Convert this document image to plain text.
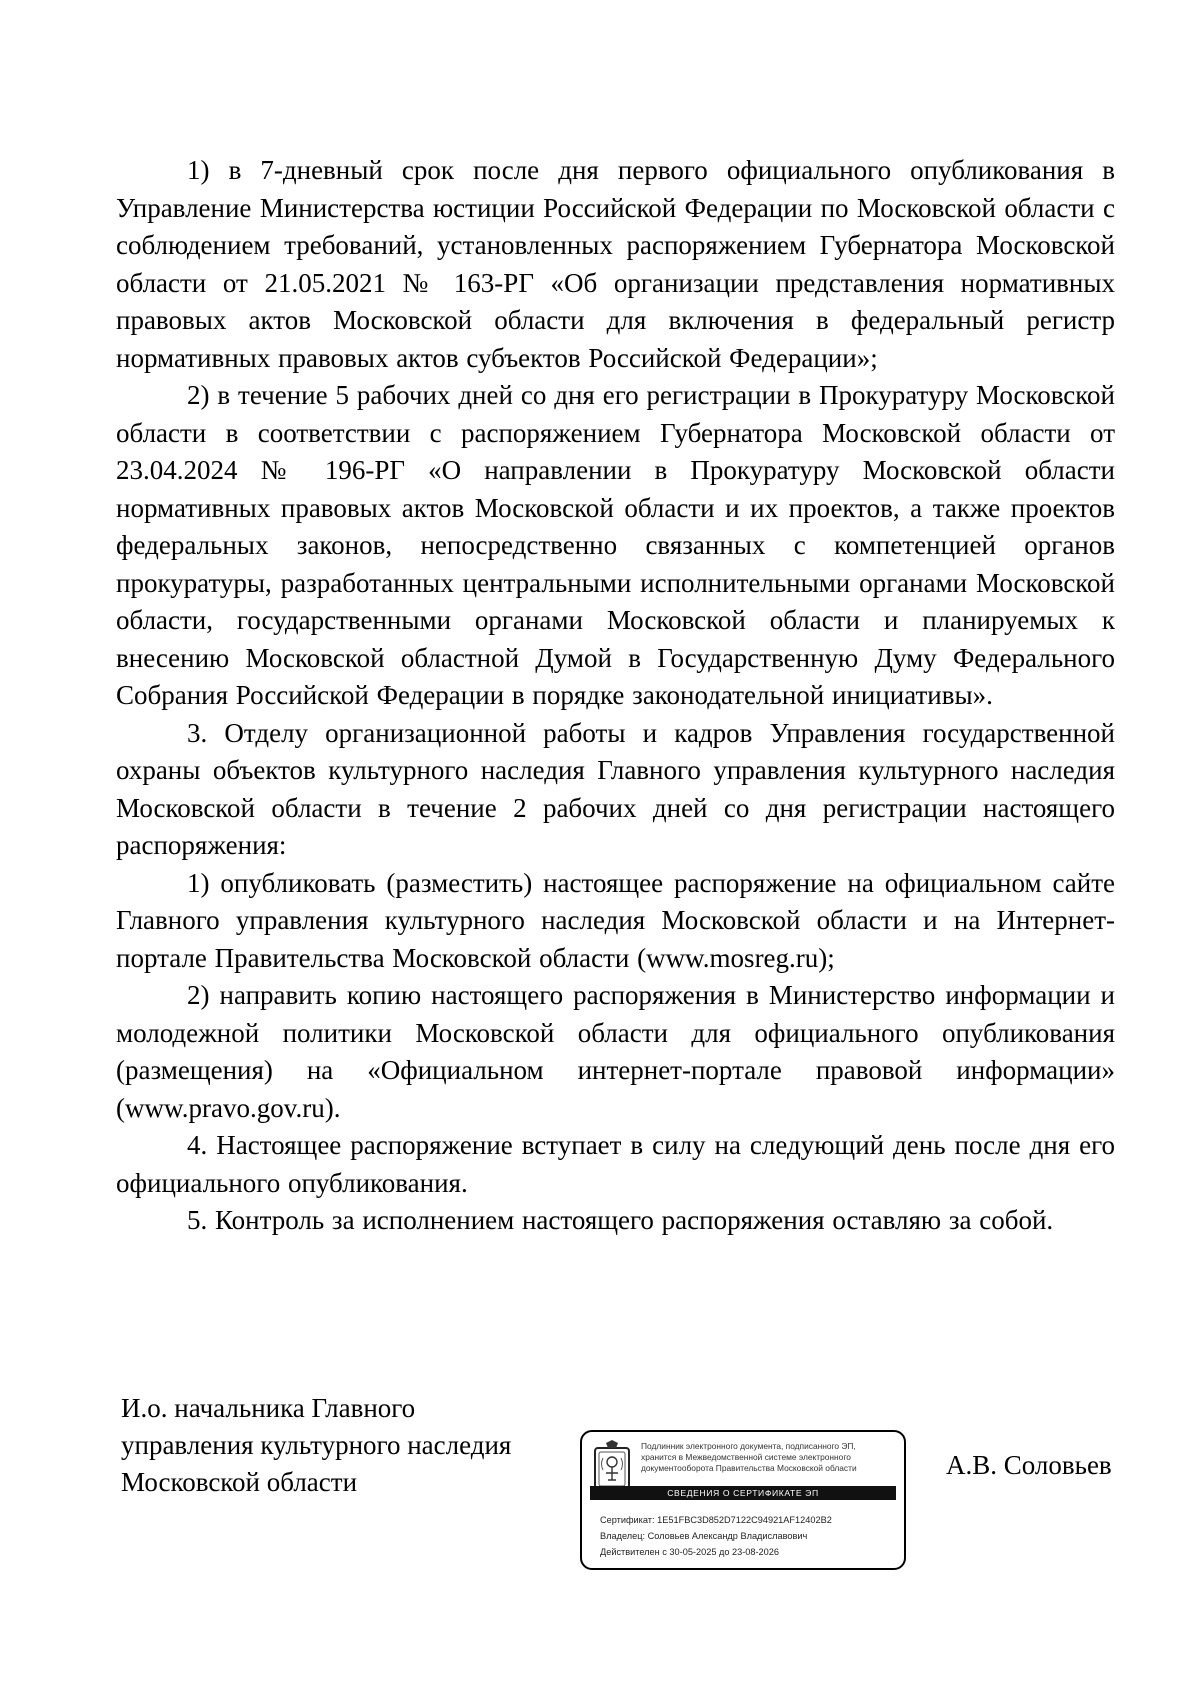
1) в 7-дневный срок после дня первого официального опубликования в Управление Министерства юстиции Российской Федерации по Московской области с соблюдением требований, установленных распоряжением Губернатора Московской области от 21.05.2021 № 163-РГ «Об организации представления нормативных правовых актов Московской области для включения в федеральный регистр нормативных правовых актов субъектов Российской Федерации»;

2) в течение 5 рабочих дней со дня его регистрации в Прокуратуру Московской области в соответствии с распоряжением Губернатора Московской области от 23.04.2024 № 196-РГ «О направлении в Прокуратуру Московской области нормативных правовых актов Московской области и их проектов, а также проектов федеральных законов, непосредственно связанных с компетенцией органов прокуратуры, разработанных центральными исполнительными органами Московской области, государственными органами Московской области и планируемых к внесению Московской областной Думой в Государственную Думу Федерального Собрания Российской Федерации в порядке законодательной инициативы».

3. Отделу организационной работы и кадров Управления государственной охраны объектов культурного наследия Главного управления культурного наследия Московской области в течение 2 рабочих дней со дня регистрации настоящего распоряжения:

1) опубликовать (разместить) настоящее распоряжение на официальном сайте Главного управления культурного наследия Московской области и на Интернет-портале Правительства Московской области (www.mosreg.ru);

2) направить копию настоящего распоряжения в Министерство информации и молодежной политики Московской области для официального опубликования (размещения) на «Официальном интернет-портале правовой информации» (www.pravo.gov.ru).

4. Настоящее распоряжение вступает в силу на следующий день после дня его официального опубликования.

5. Контроль за исполнением настоящего распоряжения оставляю за собой.

И.о. начальника Главного
управления культурного наследия
Московской области
Подлинник электронного документа, подписанного ЭП,
хранится в Межведомственной системе электронного
документооборота Правительства Московской области
СВЕДЕНИЯ О СЕРТИФИКАТЕ ЭП
Сертификат: 1E51FBC3D852D7122C94921AF12402B2
Владелец: Соловьев Александр Владиславович
Действителен с 30-05-2025 до 23-08-2026
А.В. Соловьев
